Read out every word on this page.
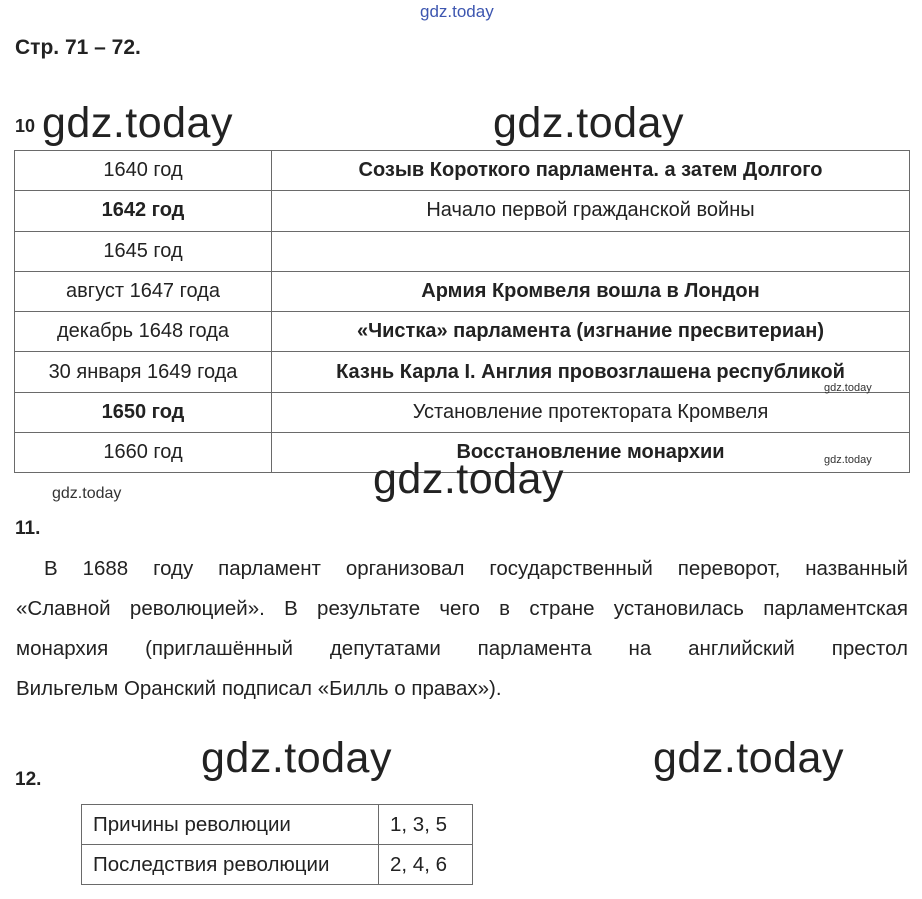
gdz.today
gdz.today	gdz.today
Стр. 71 – 72.
10
1640 год	Созыв Короткого парламента. а затем Долгого
1642 год	Начало первой гражданской войны
1645 год	
август 1647 года	Армия Кромвеля вошла в Лондон
декабрь 1648 года	«Чистка» парламента (изгнание пресвитериан)
30 января 1649 года	Казнь Карла I. Англия провозглашена республикой
1650 год	Установление протектората Кромвеля
1660 год	Восстановление монархии
gdz.today
gdz.today
gdz.today
gdz.today
11.
В 1688 году парламент организовал государственный переворот, названный
«Славной революцией». В результате чего в стране установилась парламентская
монархия (приглашённый депутатами парламента на английский престол
Вильгельм Оранский подписал «Билль о правах»).
gdz.today	gdz.today
12.
Причины революции	1, 3, 5
Последствия революции	2, 4, 6
